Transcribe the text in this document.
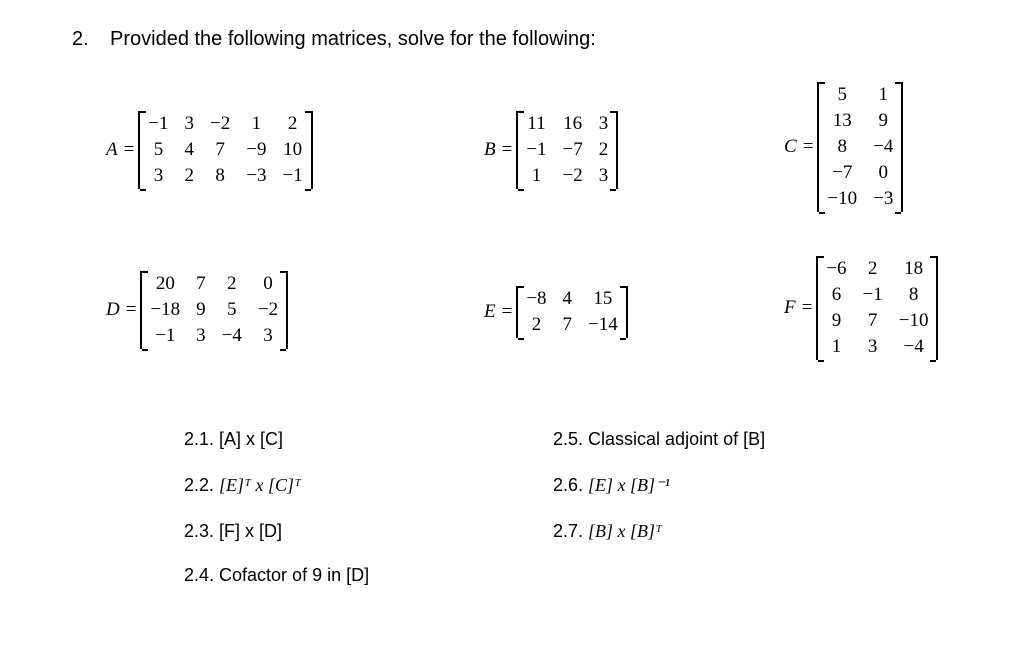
2. Provided the following matrices, solve for the following:
A =
−1 3 −2 1 2
5 4 7 −9 10
3 2 8 −3 −1
B =
11 16 3
−1 −7 2
1 −2 3
C =
5	1
13 9
8	−4
−7 0
−10 −3
D =
20 7 2 0
−18 9 5 −2
−1 3 −4 3
E =
−8 4 15
2 7 −14
F =
−6 2 18
6 −1	8
9 7 −10
1 3 −4
2.1. [A] x [C]
2.2. [E]ᵀ x [C]ᵀ
2.3. [F] x [D]
2.4. Cofactor of 9 in [D]
2.5. Classical adjoint of [B]
2.6. [E] x [B]⁻¹
2.7. [B] x [B]ᵀ
